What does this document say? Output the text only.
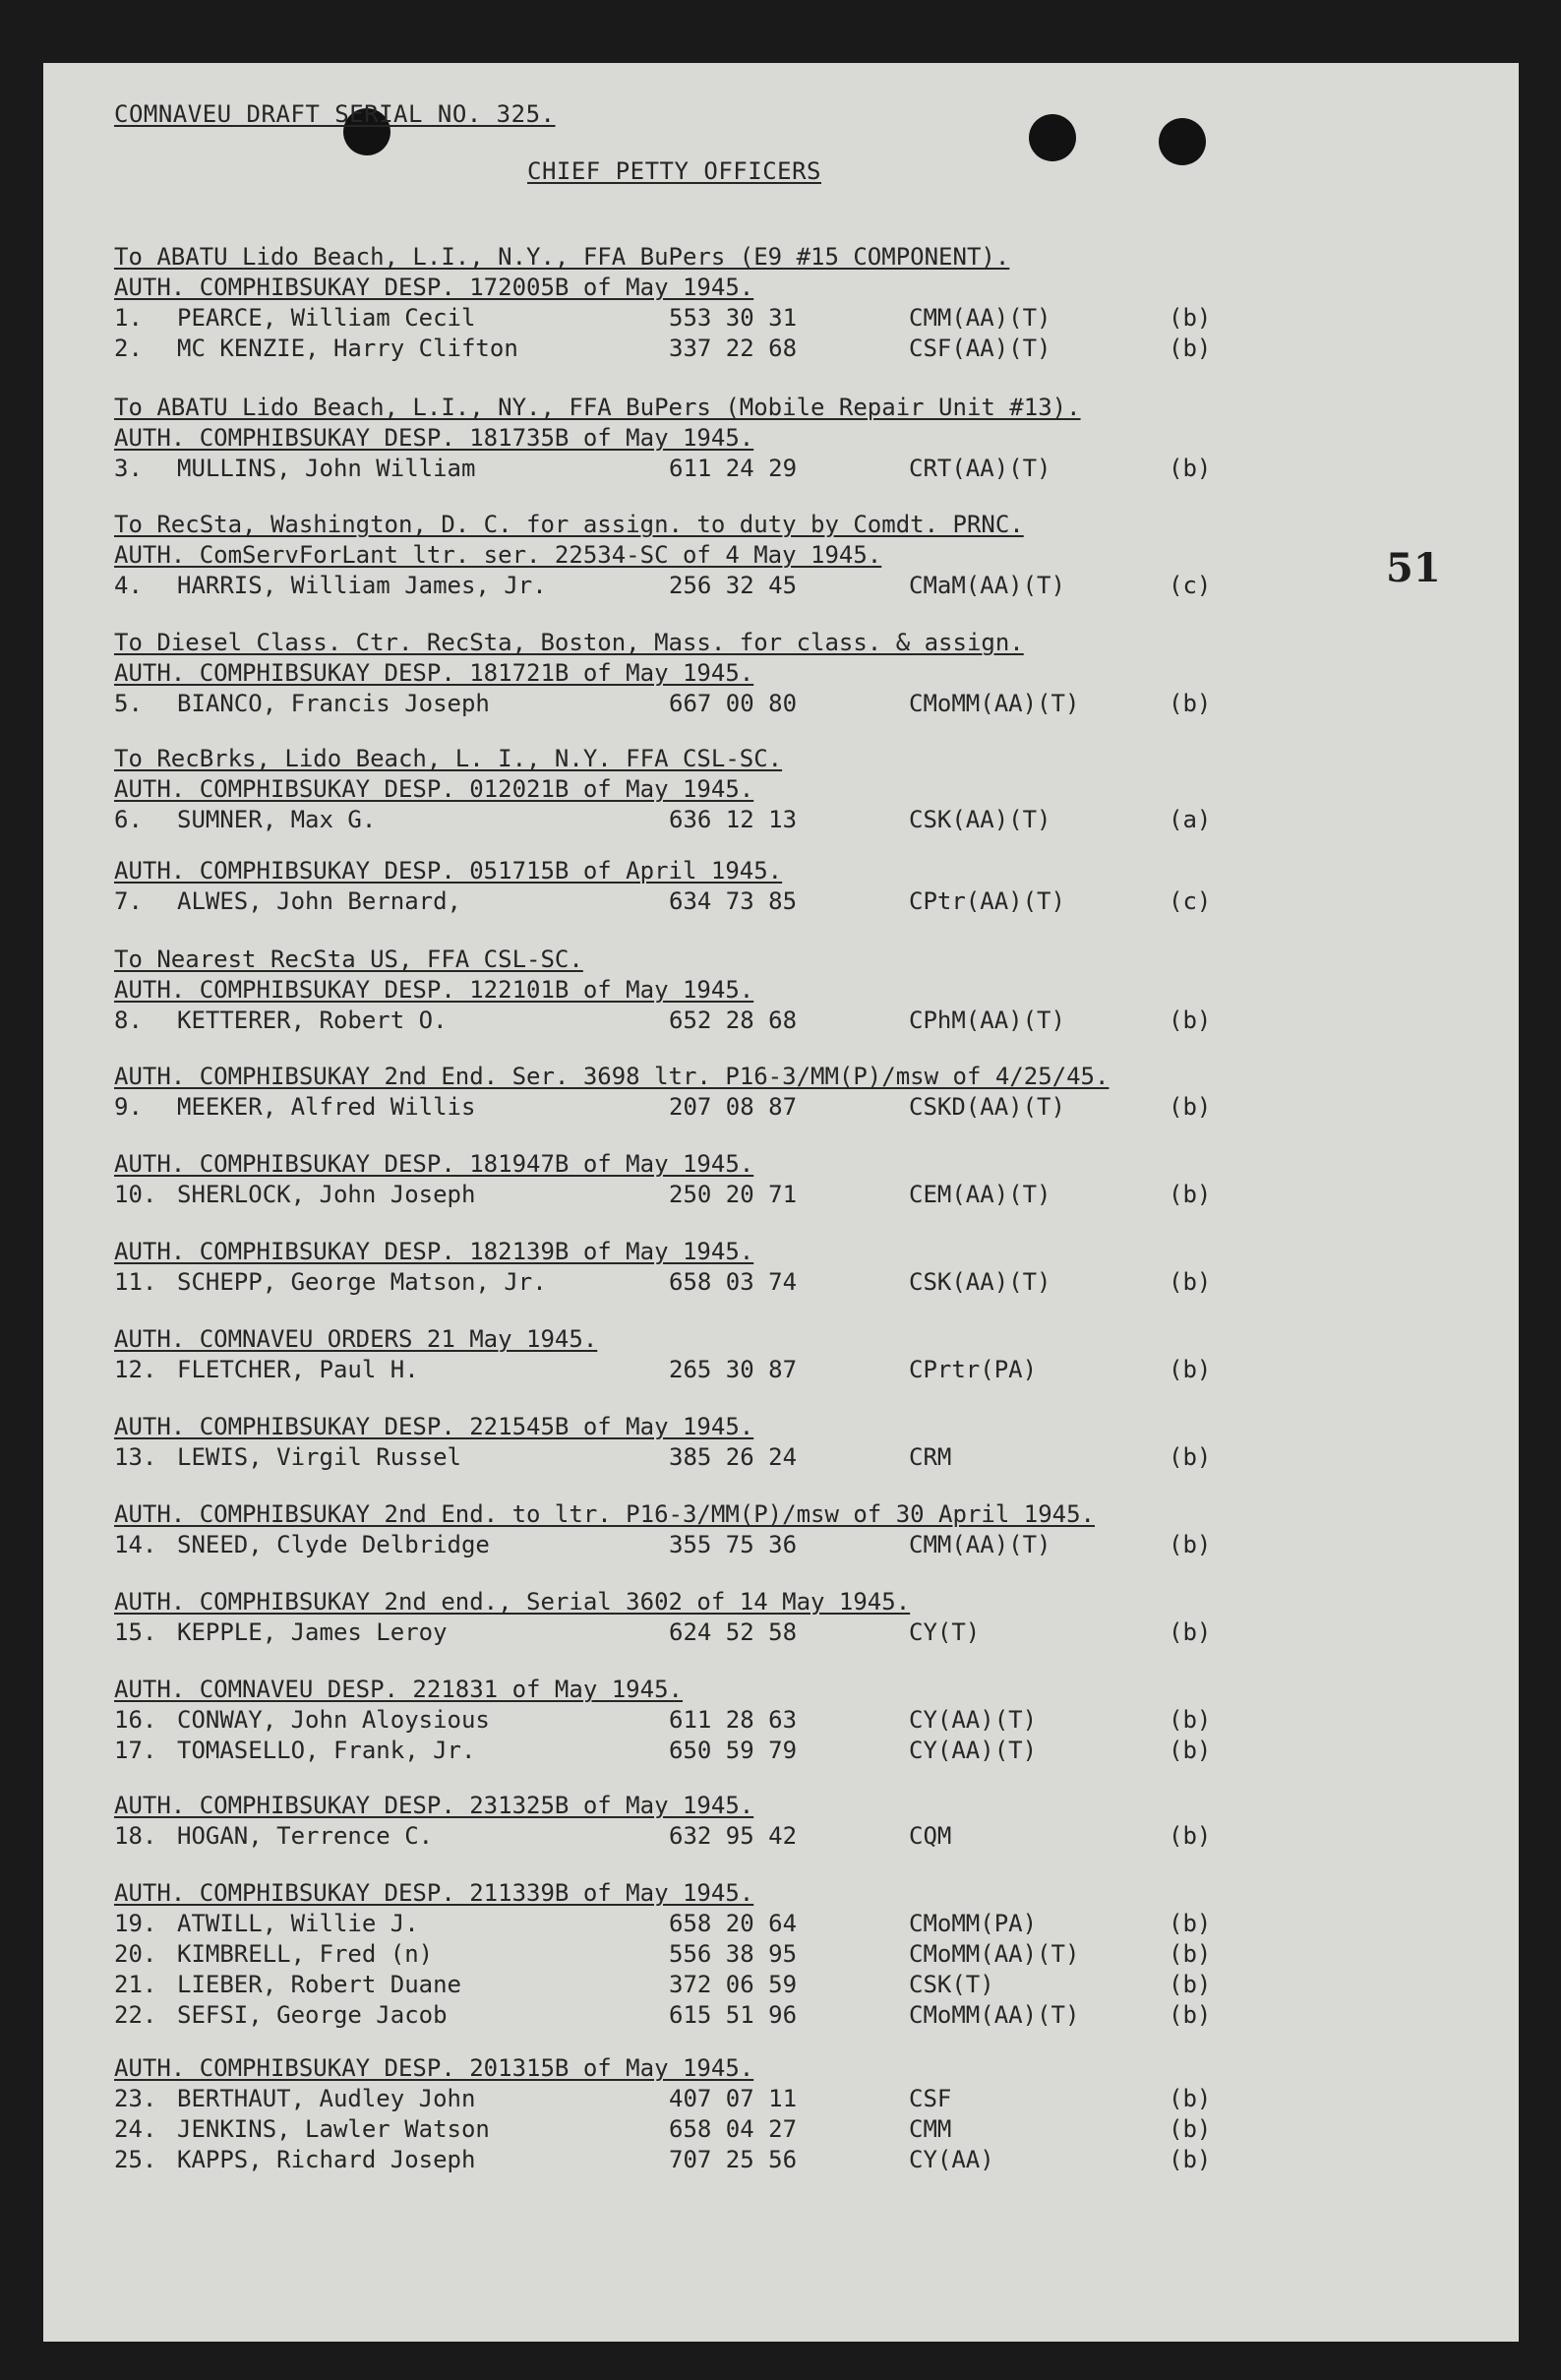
COMNAVEU DRAFT SERIAL NO. 325.
CHIEF PETTY OFFICERS
51
To ABATU Lido Beach, L.I., N.Y., FFA BuPers (E9 #15 COMPONENT).
AUTH. COMPHIBSUKAY DESP. 172005B of May 1945.
1. PEARCE, William Cecil	553 30 31	CMM(AA)(T)	(b)
2. MC KENZIE, Harry Clifton	337 22 68	CSF(AA)(T)	(b)
To ABATU Lido Beach, L.I., NY., FFA BuPers (Mobile Repair Unit #13).
AUTH. COMPHIBSUKAY DESP. 181735B of May 1945.
3. MULLINS, John William	611 24 29	CRT(AA)(T)	(b)
To RecSta, Washington, D. C. for assign. to duty by Comdt. PRNC.
AUTH. ComServForLant ltr. ser. 22534-SC of 4 May 1945.
4. HARRIS, William James, Jr.	256 32 45	CMaM(AA)(T)	(c)
To Diesel Class. Ctr. RecSta, Boston, Mass. for class. & assign.
AUTH. COMPHIBSUKAY DESP. 181721B of May 1945.
5. BIANCO, Francis Joseph	667 00 80	CMoMM(AA)(T)	(b)
To RecBrks, Lido Beach, L. I., N.Y. FFA CSL-SC.
AUTH. COMPHIBSUKAY DESP. 012021B of May 1945.
6. SUMNER, Max G.	636 12 13	CSK(AA)(T)	(a)
AUTH. COMPHIBSUKAY DESP. 051715B of April 1945.
7. ALWES, John Bernard,	634 73 85	CPtr(AA)(T)	(c)
To Nearest RecSta US, FFA CSL-SC.
AUTH. COMPHIBSUKAY DESP. 122101B of May 1945.
8. KETTERER, Robert O.	652 28 68	CPhM(AA)(T)	(b)
AUTH. COMPHIBSUKAY 2nd End. Ser. 3698 ltr. P16-3/MM(P)/msw of 4/25/45.
9. MEEKER, Alfred Willis	207 08 87	CSKD(AA)(T)	(b)
AUTH. COMPHIBSUKAY DESP. 181947B of May 1945.
10. SHERLOCK, John Joseph	250 20 71	CEM(AA)(T)	(b)
AUTH. COMPHIBSUKAY DESP. 182139B of May 1945.
11. SCHEPP, George Matson, Jr.	658 03 74	CSK(AA)(T)	(b)
AUTH. COMNAVEU ORDERS 21 May 1945.
12. FLETCHER, Paul H.	265 30 87	CPrtr(PA)	(b)
AUTH. COMPHIBSUKAY DESP. 221545B of May 1945.
13. LEWIS, Virgil Russel	385 26 24	CRM	(b)
AUTH. COMPHIBSUKAY 2nd End. to ltr. P16-3/MM(P)/msw of 30 April 1945.
14. SNEED, Clyde Delbridge	355 75 36	CMM(AA)(T)	(b)
AUTH. COMPHIBSUKAY 2nd end., Serial 3602 of 14 May 1945.
15. KEPPLE, James Leroy	624 52 58	CY(T)	(b)
AUTH. COMNAVEU DESP. 221831 of May 1945.
16. CONWAY, John Aloysious	611 28 63	CY(AA)(T)	(b)
17. TOMASELLO, Frank, Jr.	650 59 79	CY(AA)(T)	(b)
AUTH. COMPHIBSUKAY DESP. 231325B of May 1945.
18. HOGAN, Terrence C.	632 95 42	CQM	(b)
AUTH. COMPHIBSUKAY DESP. 211339B of May 1945.
19. ATWILL, Willie J.	658 20 64	CMoMM(PA)	(b)
20. KIMBRELL, Fred (n)	556 38 95	CMoMM(AA)(T)	(b)
21. LIEBER, Robert Duane	372 06 59	CSK(T)	(b)
22. SEFSI, George Jacob	615 51 96	CMoMM(AA)(T)	(b)
AUTH. COMPHIBSUKAY DESP. 201315B of May 1945.
23. BERTHAUT, Audley John	407 07 11	CSF	(b)
24. JENKINS, Lawler Watson	658 04 27	CMM	(b)
25. KAPPS, Richard Joseph	707 25 56	CY(AA)	(b)
